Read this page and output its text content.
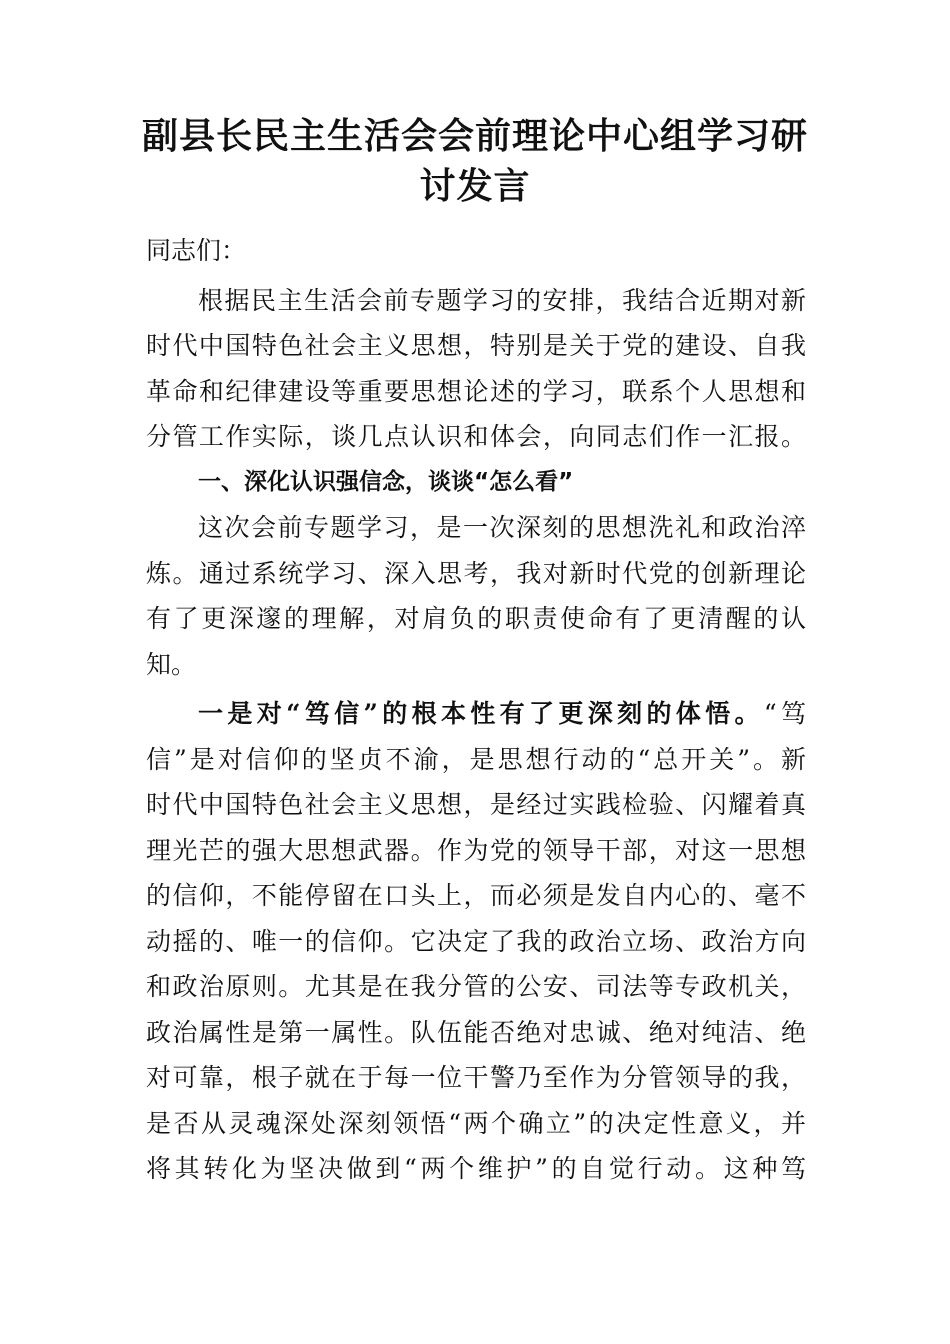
副县长民主生活会会前理论中心组学习研
讨发言
同志们：
根据民主生活会前专题学习的安排，我结合近期对新
时代中国特色社会主义思想，特别是关于党的建设、自我
革命和纪律建设等重要思想论述的学习，联系个人思想和
分管工作实际，谈几点认识和体会，向同志们作一汇报。
一、深化认识强信念，谈谈“怎么看”
这次会前专题学习，是一次深刻的思想洗礼和政治淬
炼。通过系统学习、深入思考，我对新时代党的创新理论
有了更深邃的理解，对肩负的职责使命有了更清醒的认
知。
一是对“笃信”的根本性有了更深刻的体悟。“笃
信”是对信仰的坚贞不渝，是思想行动的“总开关”。新
时代中国特色社会主义思想，是经过实践检验、闪耀着真
理光芒的强大思想武器。作为党的领导干部，对这一思想
的信仰，不能停留在口头上，而必须是发自内心的、毫不
动摇的、唯一的信仰。它决定了我的政治立场、政治方向
和政治原则。尤其是在我分管的公安、司法等专政机关，
政治属性是第一属性。队伍能否绝对忠诚、绝对纯洁、绝
对可靠，根子就在于每一位干警乃至作为分管领导的我，
是否从灵魂深处深刻领悟“两个确立”的决定性意义，并
将其转化为坚决做到“两个维护”的自觉行动。这种笃
